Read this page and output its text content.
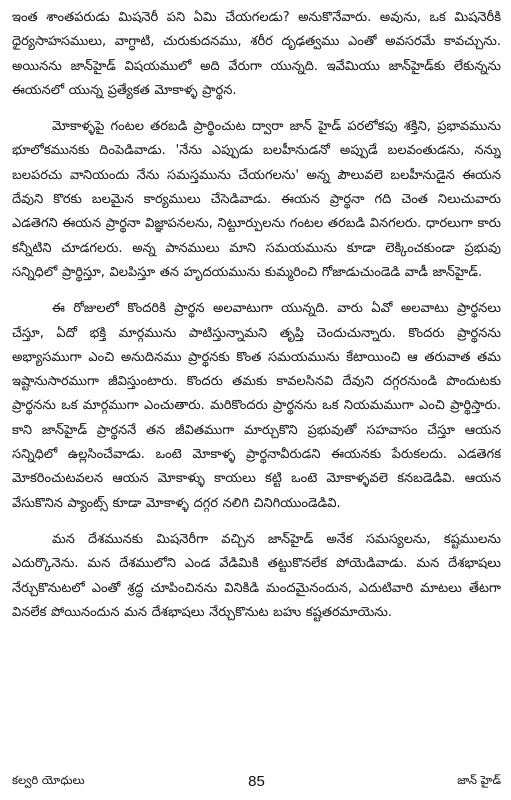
ఇంత శాంతపరుడు మిషనెరీ పని ఏమి చేయగలడు? అనుకొనేవారు. అవును, ఒక మిషనెరీకి ధైర్యసాహసములు, వాగ్ధాటి, చురుకుదనము, శరీర దృఢత్వము ఎంతో అవసరమే కావచ్చును. అయినను జాన్‌హైడ్ విషయములో అది వేరుగా యున్నది. ఇవేమియు జాన్‌హైడ్‌కు లేకున్నను ఈయనలో యున్న ప్రత్యేకత మోకాళ్ళ ప్రార్థన.

మోకాళ్ళపై గంటల తరబడి ప్రార్థించుట ద్వారా జాన్ హైడ్ పరలోకపు శక్తిని, ప్రభావమును భూలోకమునకు దింపెడివాడు. 'నేను ఎప్పుడు బలహీనుడనో అప్పుడే బలవంతుడను, నన్ను బలపరచు వానియందు నేను సమస్తమును చేయగలను' అన్న పౌలువలె బలహీనుడైన ఈయన దేవుని కొరకు బలమైన కార్యములు చేసెడివాడు. ఈయన ప్రార్థనా గది చెంత నిలుచువారు ఎడతెగని ఈయన ప్రార్థనా విజ్ఞాపనలను, నిట్టూర్పులను గంటల తరబడి వినగలరు. ధారలుగా కారు కన్నీటిని చూడగలరు. అన్న పానములు మాని సమయమును కూడా లెక్కించకుండా ప్రభువు సన్నిధిలో ప్రార్థిస్తూ, విలపిస్తూ తన హృదయమును కుమ్మరించి గోజాడుచుండెడి వాడీ జాన్‌హైడ్.

ఈ రోజులలో కొందరికి ప్రార్థన అలవాటుగా యున్నది. వారు ఏవో అలవాటు ప్రార్థనలు చేస్తూ, ఏదో భక్తి మార్గమును పాటిస్తున్నామని తృప్తి చెందుచున్నారు. కొందరు ప్రార్థనను అభ్యాసముగా ఎంచి అనుదినము ప్రార్థనకు కొంత సమయమును కేటాయించి ఆ తరువాత తమ ఇష్టానుసారముగా జీవిస్తుంటారు. కొందరు తమకు కావలసినవి దేవుని దగ్గరనుండి పొందుటకు ప్రార్థనను ఒక మార్గముగా ఎంచుతారు. మరికొందరు ప్రార్థనను ఒక నియమముగా ఎంచి ప్రార్థిస్తారు. కాని జాన్‌హైడ్ ప్రార్థననే తన జీవితముగా మార్చుకొని ప్రభువుతో సహవాసం చేస్తూ ఆయన సన్నిధిలో ఉల్లసించేవాడు. ఒంటె మోకాళ్ళ ప్రార్థనావీరుడని ఈయనకు పేరుకలదు. ఎడతెగక మోకరించుటవలన ఆయన మోకాళ్ళు కాయలు కట్టి ఒంటె మోకాళ్ళవలె కనబడెడివి. ఆయన వేసుకొనిన ప్యాంట్స్ కూడా మోకాళ్ళ దగ్గర నలిగి చినిగియుండెడివి.

మన దేశమునకు మిషనెరీగా వచ్చిన జాన్‌హైడ్ అనేక సమస్యలను, కష్టములను ఎదుర్కొనెను. మన దేశములోని ఎండ వేడిమికి తట్టుకొనలేక పోయెడివాడు. మన దేశభాషలు నేర్చుకొనుటలో ఎంతో శ్రద్ధ చూపించినను వినికిడి మందమైనందున, ఎదుటివారి మాటలు తేటగా వినలేక పోయినందున మన దేశభాషలు నేర్చుకొనుట బహు కష్టతరమాయెను.

కల్వరి యోధులు	85	జాన్ హైడ్
